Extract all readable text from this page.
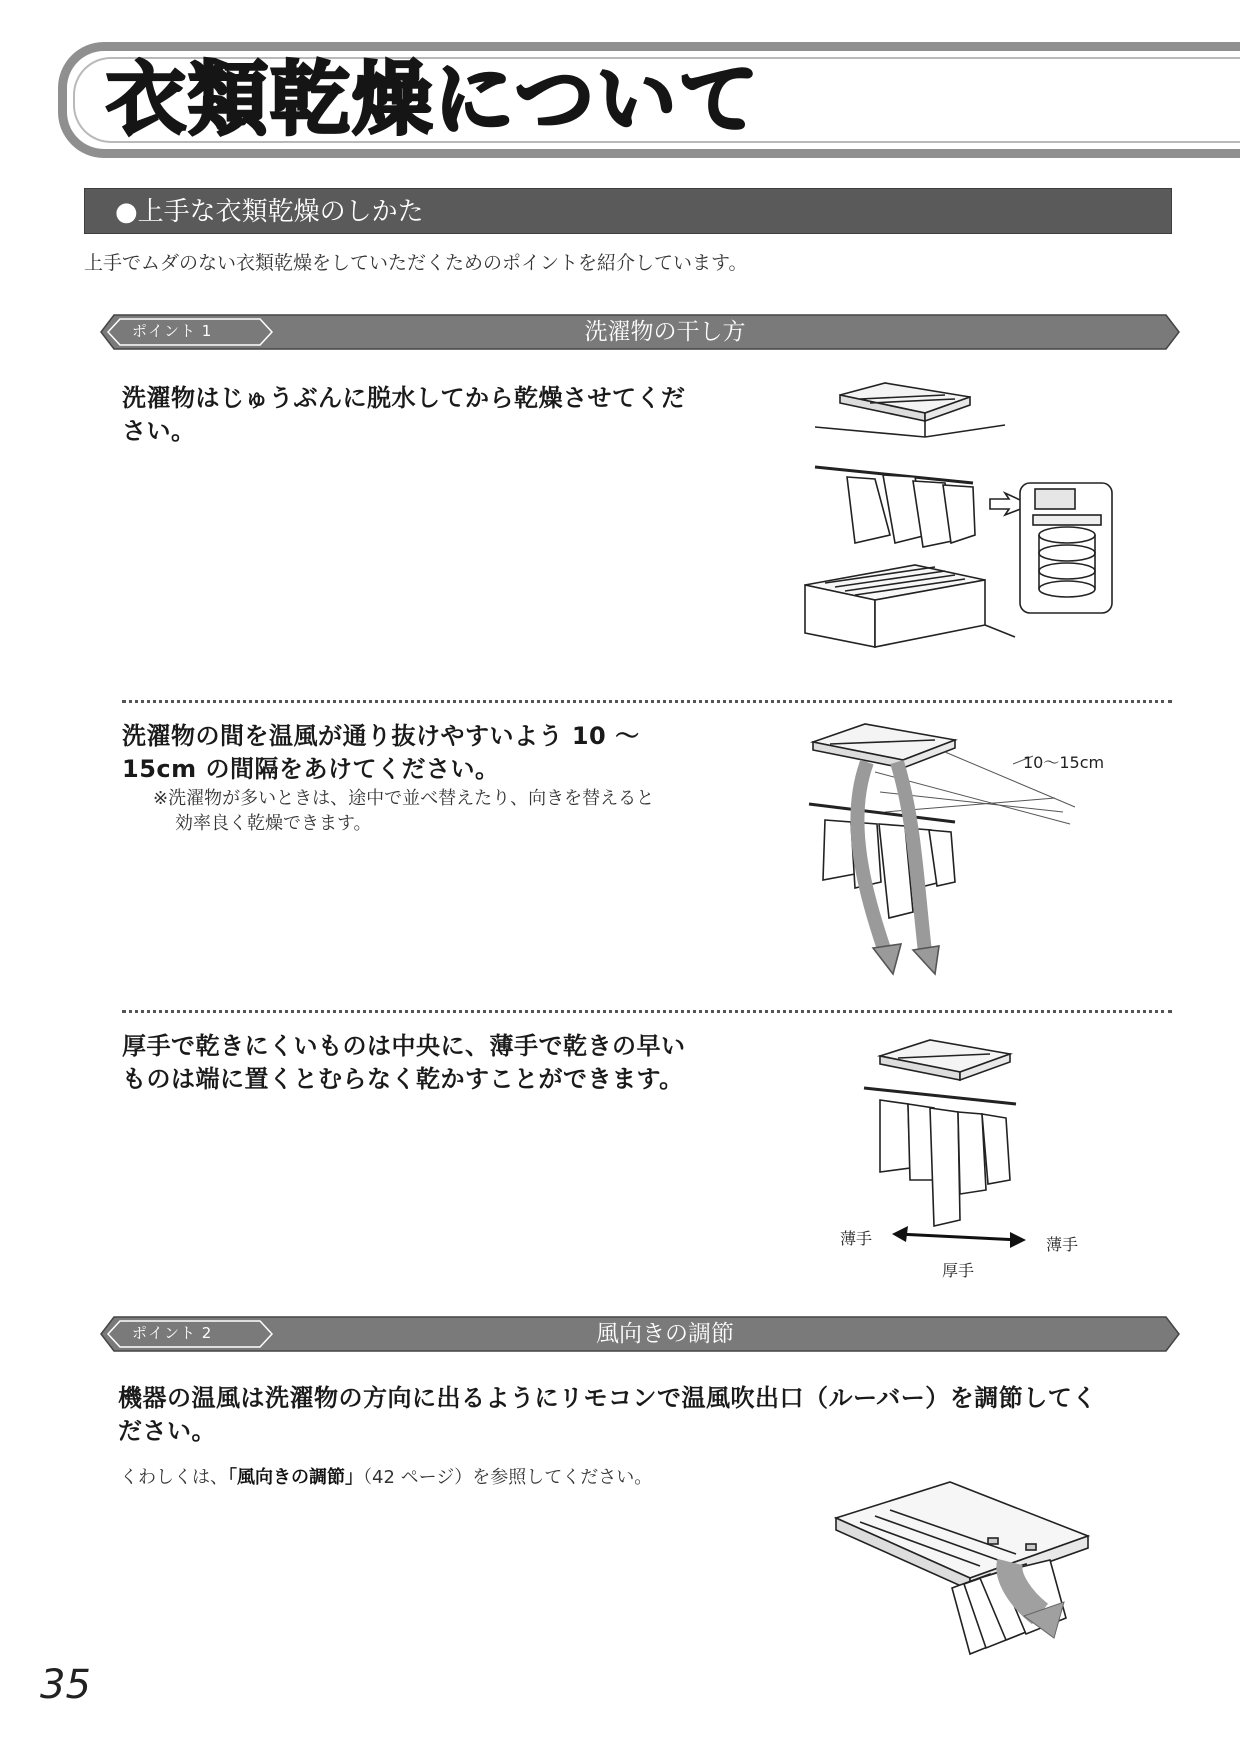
衣類乾燥について
●上手な衣類乾燥のしかた
上手でムダのない衣類乾燥をしていただくためのポイントを紹介しています。
ポイント 1	洗濯物の干し方
洗濯物はじゅうぶんに脱水してから乾燥させてくだ
さい。
洗濯物の間を温風が通り抜けやすいよう 10 ～
15cm の間隔をあけてください。
※洗濯物が多いときは、途中で並べ替えたり、向きを替えると
効率良く乾燥できます。
10〜15cm
厚手で乾きにくいものは中央に、薄手で乾きの早い
ものは端に置くとむらなく乾かすことができます。
薄手	薄手
厚手
ポイント 2	風向きの調節
機器の温風は洗濯物の方向に出るようにリモコンで温風吹出口（ルーバー）を調節してく
ださい。
くわしくは、「風向きの調節」（42 ページ）を参照してください。
35
